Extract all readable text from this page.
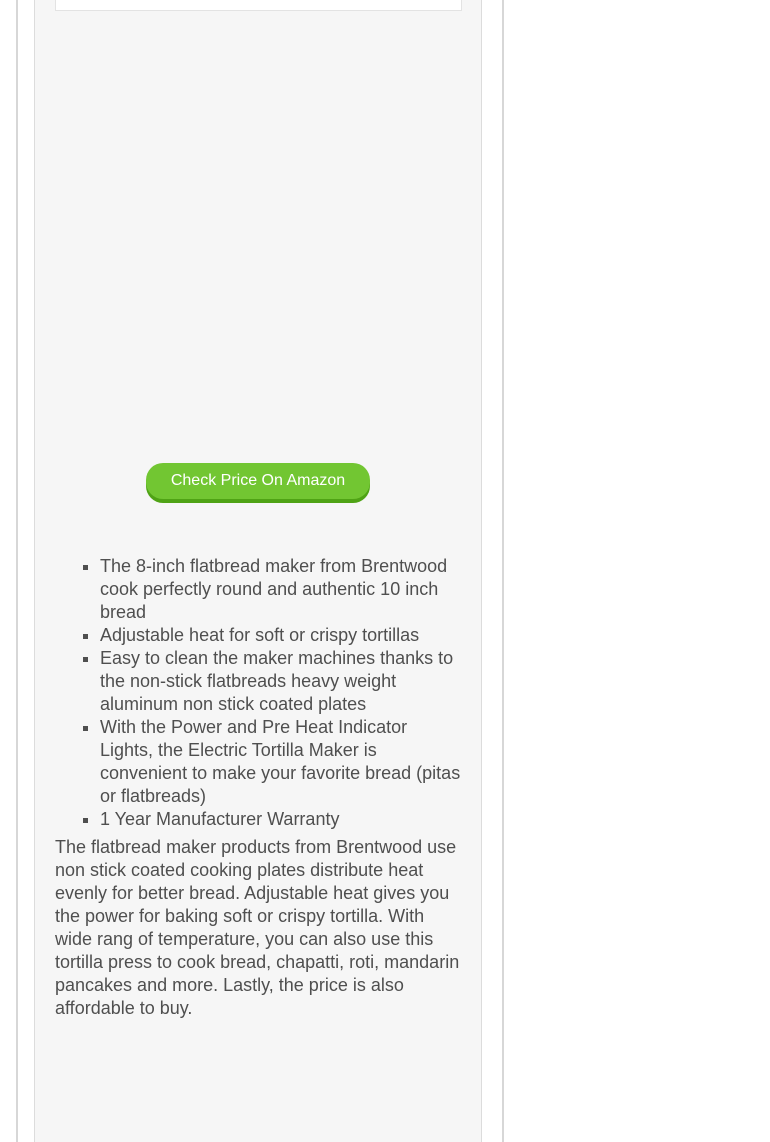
Check Price On Amazon
▪ The 8-inch flatbread maker from Brentwood cook perfectly round and authentic 10 inch bread
▪ Adjustable heat for soft or crispy tortillas
▪ Easy to clean the maker machines thanks to the non-stick flatbreads heavy weight aluminum non stick coated plates
▪ With the Power and Pre Heat Indicator Lights, the Electric Tortilla Maker is convenient to make your favorite bread (pitas or flatbreads)
▪ 1 Year Manufacturer Warranty

The flatbread maker products from Brentwood use non stick coated cooking plates distribute heat evenly for better bread. Adjustable heat gives you the power for baking soft or crispy tortilla. With wide rang of temperature, you can also use this tortilla press to cook bread, chapatti, roti, mandarin pancakes and more. Lastly, the price is also affordable to buy.
